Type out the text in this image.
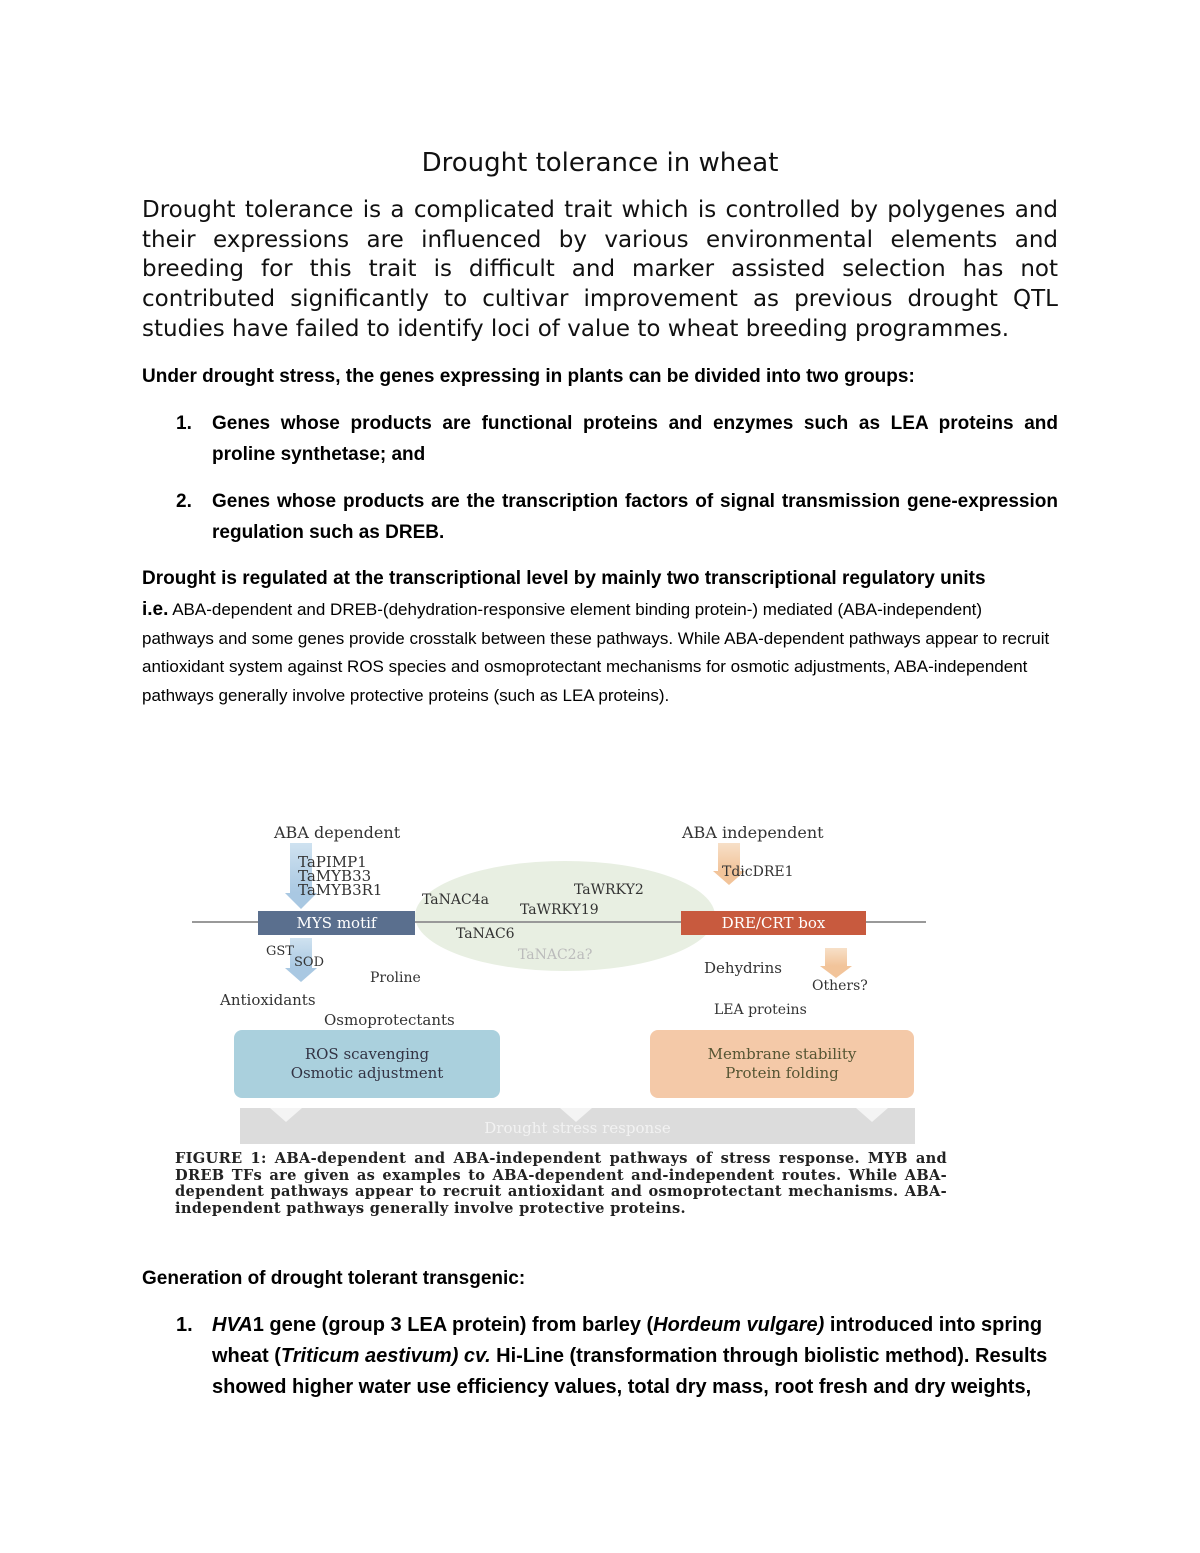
Drought tolerance in wheat
Drought tolerance is a complicated trait which is controlled by polygenes and their expressions are influenced by various environmental elements and breeding for this trait is difficult and marker assisted selection has not contributed significantly to cultivar improvement as previous drought QTL studies have failed to identify loci of value to wheat breeding programmes.
Under drought stress, the genes expressing in plants can be divided into two groups:
1. Genes whose products are functional proteins and enzymes such as LEA proteins and proline synthetase; and
2. Genes whose products are the transcription factors of signal transmission gene-expression regulation such as DREB.
Drought is regulated at the transcriptional level by mainly two transcriptional regulatory units
i.e. ABA-dependent and DREB-(dehydration-responsive element binding protein-) mediated (ABA-independent) pathways and some genes provide crosstalk between these pathways. While ABA-dependent pathways appear to recruit antioxidant system against ROS species and osmoprotectant mechanisms for osmotic adjustments, ABA-independent pathways generally involve protective proteins (such as LEA proteins).
ABA dependent	ABA independent
TaPIMP1
TaMYB33
TaMYB3R1
TdicDRE1
TaNAC4a
TaWRKY2
TaWRKY19
TaNAC6
TaNAC2a?
MYS motif	DRE/CRT box
GST
SOD
Proline
Antioxidants
Osmoprotectants
Dehydrins
Others?
LEA proteins
ROS scavenging
Osmotic adjustment
Membrane stability
Protein folding
Drought stress response
FIGURE 1: ABA-dependent and ABA-independent pathways of stress response. MYB and DREB TFs are given as examples to ABA-dependent and-independent routes. While ABA-dependent pathways appear to recruit antioxidant and osmoprotectant mechanisms. ABA-independent pathways generally involve protective proteins.
Generation of drought tolerant transgenic:
1. HVA1 gene (group 3 LEA protein) from barley (Hordeum vulgare) introduced into spring wheat (Triticum aestivum) cv. Hi-Line (transformation through biolistic method). Results showed higher water use efficiency values, total dry mass, root fresh and dry weights,
